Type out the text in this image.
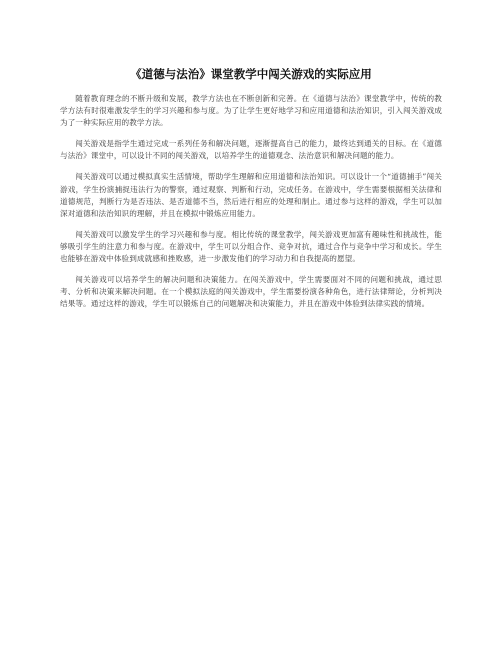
《道德与法治》课堂教学中闯关游戏的实际应用

随着教育理念的不断升级和发展，教学方法也在不断创新和完善。在《道德与法治》课堂教学中，传统的教学方法有时很难激发学生的学习兴趣和参与度。为了让学生更好地学习和应用道德和法治知识，引入闯关游戏成为了一种实际应用的教学方法。

闯关游戏是指学生通过完成一系列任务和解决问题，逐渐提高自己的能力，最终达到通关的目标。在《道德与法治》课堂中，可以设计不同的闯关游戏，以培养学生的道德观念、法治意识和解决问题的能力。

闯关游戏可以通过模拟真实生活情境，帮助学生理解和应用道德和法治知识。可以设计一个“道德捕手”闯关游戏，学生扮演捕捉违法行为的警察，通过观察、判断和行动，完成任务。在游戏中，学生需要根据相关法律和道德规范，判断行为是否违法、是否道德不当，然后进行相应的处理和制止。通过参与这样的游戏，学生可以加深对道德和法治知识的理解，并且在模拟中锻炼应用能力。

闯关游戏可以激发学生的学习兴趣和参与度。相比传统的课堂教学，闯关游戏更加富有趣味性和挑战性，能够吸引学生的注意力和参与度。在游戏中，学生可以分组合作、竞争对抗，通过合作与竞争中学习和成长。学生也能够在游戏中体验到成就感和挫败感，进一步激发他们的学习动力和自我提高的愿望。

闯关游戏可以培养学生的解决问题和决策能力。在闯关游戏中，学生需要面对不同的问题和挑战，通过思考、分析和决策来解决问题。在一个模拟法庭的闯关游戏中，学生需要扮演各种角色，进行法律辩论，分析判决结果等。通过这样的游戏，学生可以锻炼自己的问题解决和决策能力，并且在游戏中体验到法律实践的情境。
